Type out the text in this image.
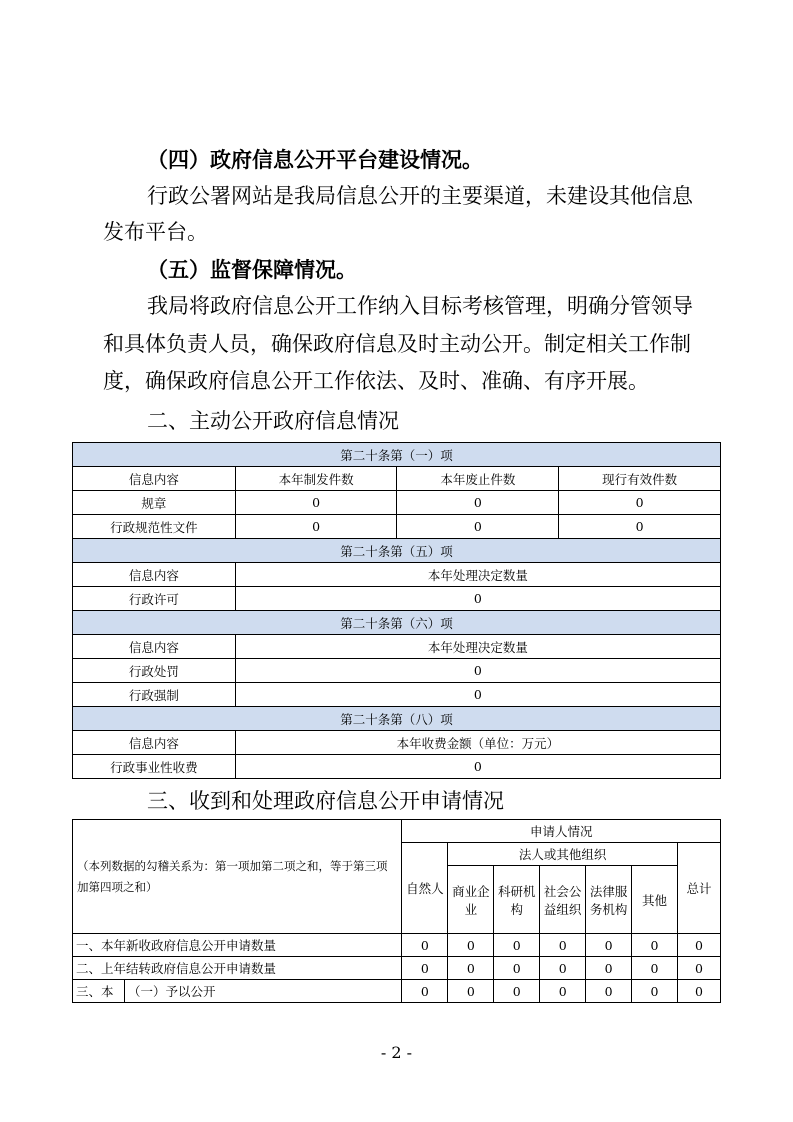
（四）政府信息公开平台建设情况。

行政公署网站是我局信息公开的主要渠道，未建设其他信息

发布平台。

（五）监督保障情况。

我局将政府信息公开工作纳入目标考核管理，明确分管领导

和具体负责人员，确保政府信息及时主动公开。制定相关工作制

度，确保政府信息公开工作依法、及时、准确、有序开展。

二、主动公开政府信息情况
第二十条第（一）项			
信息内容	本年制发件数	本年废止件数	现行有效件数
规章	0	0	0
行政规范性文件	0	0	0
第二十条第（五）项			
信息内容	本年处理决定数量		
行政许可	0		
第二十条第（六）项			
信息内容	本年处理决定数量		
行政处罚	0		
行政强制	0		
第二十条第（八）项			
信息内容	本年收费金额（单位：万元）		
行政事业性收费	0		
三、收到和处理政府信息公开申请情况
（本列数据的勾稽关系为：第一项加第二项之和，等于第三项加第四项之和）		申请人情况						
		自然人	法人或其他组织					总计
			商业企业	科研机构	社会公益组织	法律服务机构	其他	
一、本年新收政府信息公开申请数量		0	0	0	0	0	0	0
二、上年结转政府信息公开申请数量		0	0	0	0	0	0	0
三、本	（一）予以公开	0	0	0	0	0	0	0
- 2 -
